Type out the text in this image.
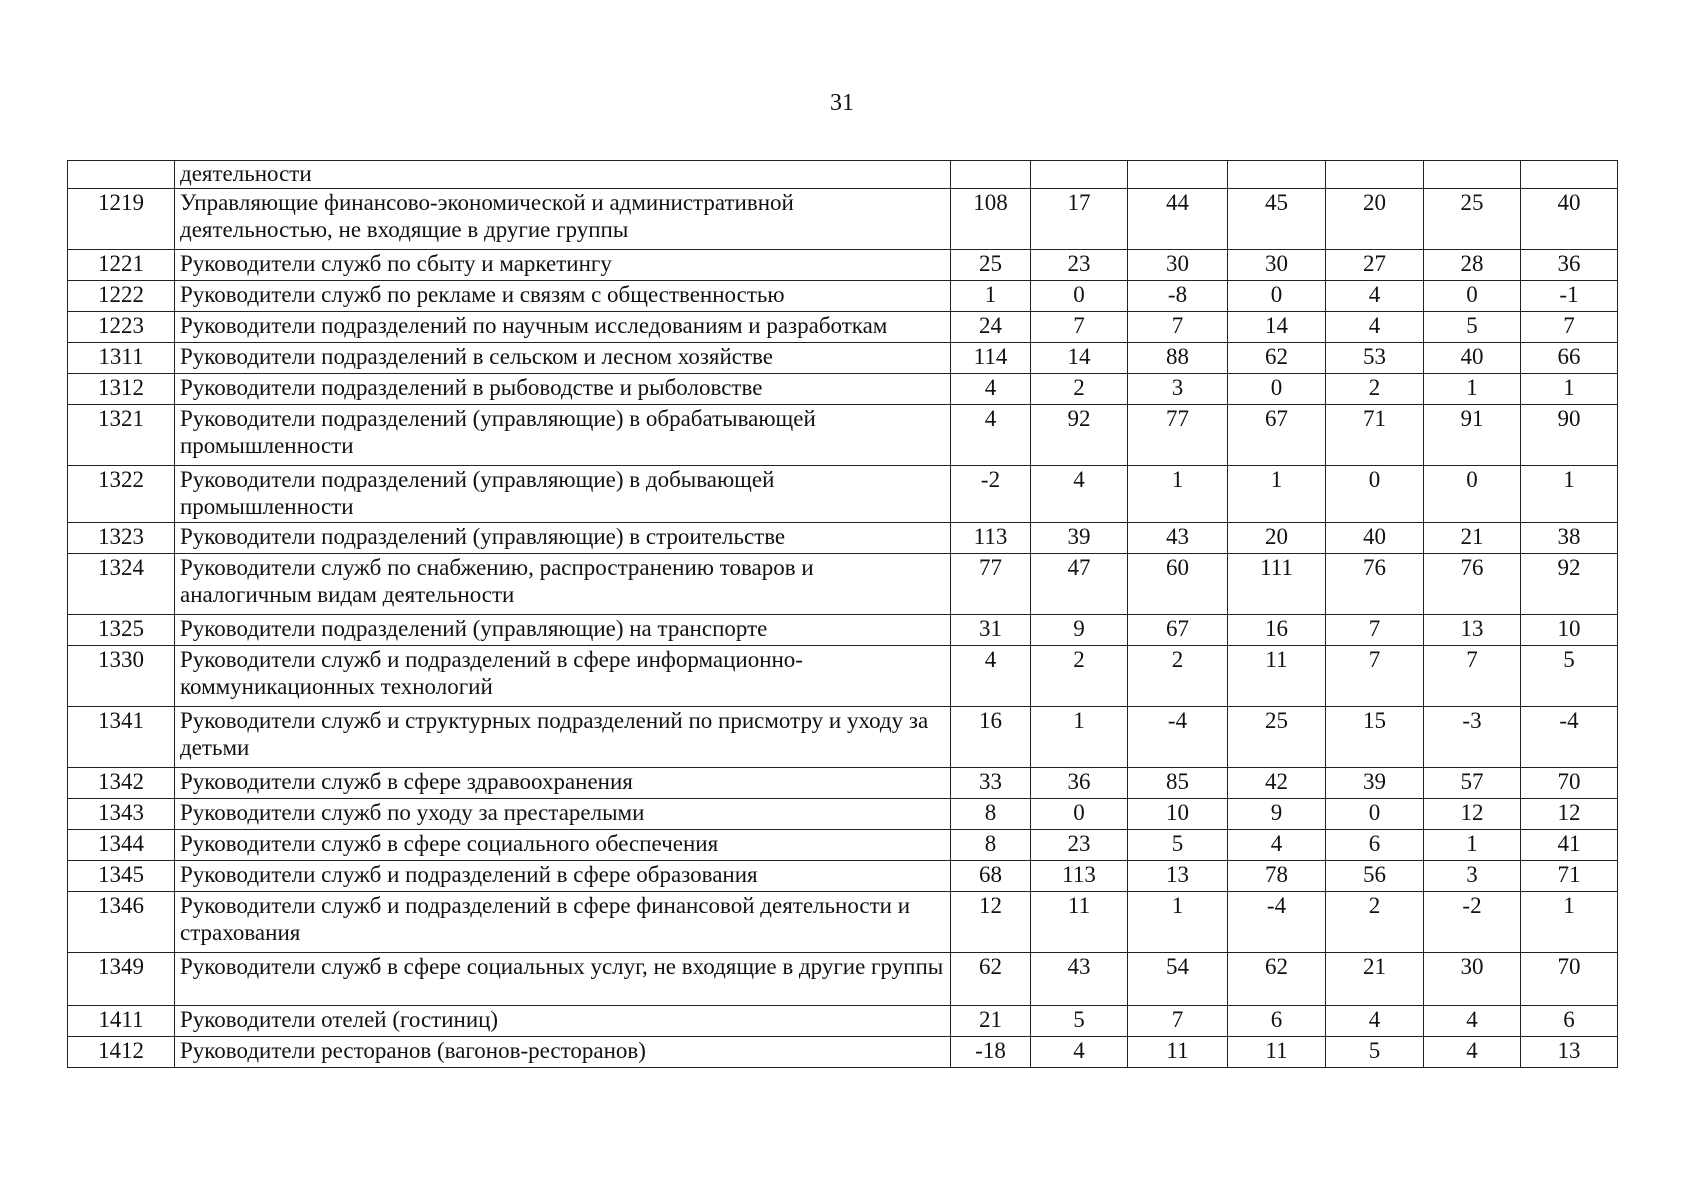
31
	деятельности							
1219	Управляющие финансово-экономической и административной деятельностью, не входящие в другие группы	108	17	44	45	20	25	40
1221	Руководители служб по сбыту и маркетингу	25	23	30	30	27	28	36
1222	Руководители служб по рекламе и связям с общественностью	1	0	-8	0	4	0	-1
1223	Руководители подразделений по научным исследованиям и разработкам	24	7	7	14	4	5	7
1311	Руководители подразделений в сельском и лесном хозяйстве	114	14	88	62	53	40	66
1312	Руководители подразделений в рыбоводстве и рыболовстве	4	2	3	0	2	1	1
1321	Руководители подразделений (управляющие) в обрабатывающей промышленности	4	92	77	67	71	91	90
1322	Руководители подразделений (управляющие) в добывающей промышленности	-2	4	1	1	0	0	1
1323	Руководители подразделений (управляющие) в строительстве	113	39	43	20	40	21	38
1324	Руководители служб по снабжению, распространению товаров и аналогичным видам деятельности	77	47	60	111	76	76	92
1325	Руководители подразделений (управляющие) на транспорте	31	9	67	16	7	13	10
1330	Руководители служб и подразделений в сфере информационно-коммуникационных технологий	4	2	2	11	7	7	5
1341	Руководители служб и структурных подразделений по присмотру и уходу за детьми	16	1	-4	25	15	-3	-4
1342	Руководители служб в сфере здравоохранения	33	36	85	42	39	57	70
1343	Руководители служб по уходу за престарелыми	8	0	10	9	0	12	12
1344	Руководители служб в сфере социального обеспечения	8	23	5	4	6	1	41
1345	Руководители служб и подразделений в сфере образования	68	113	13	78	56	3	71
1346	Руководители служб и подразделений в сфере финансовой деятельности и страхования	12	11	1	-4	2	-2	1
1349	Руководители служб в сфере социальных услуг, не входящие в другие группы	62	43	54	62	21	30	70
1411	Руководители отелей (гостиниц)	21	5	7	6	4	4	6
1412	Руководители ресторанов (вагонов-ресторанов)	-18	4	11	11	5	4	13
